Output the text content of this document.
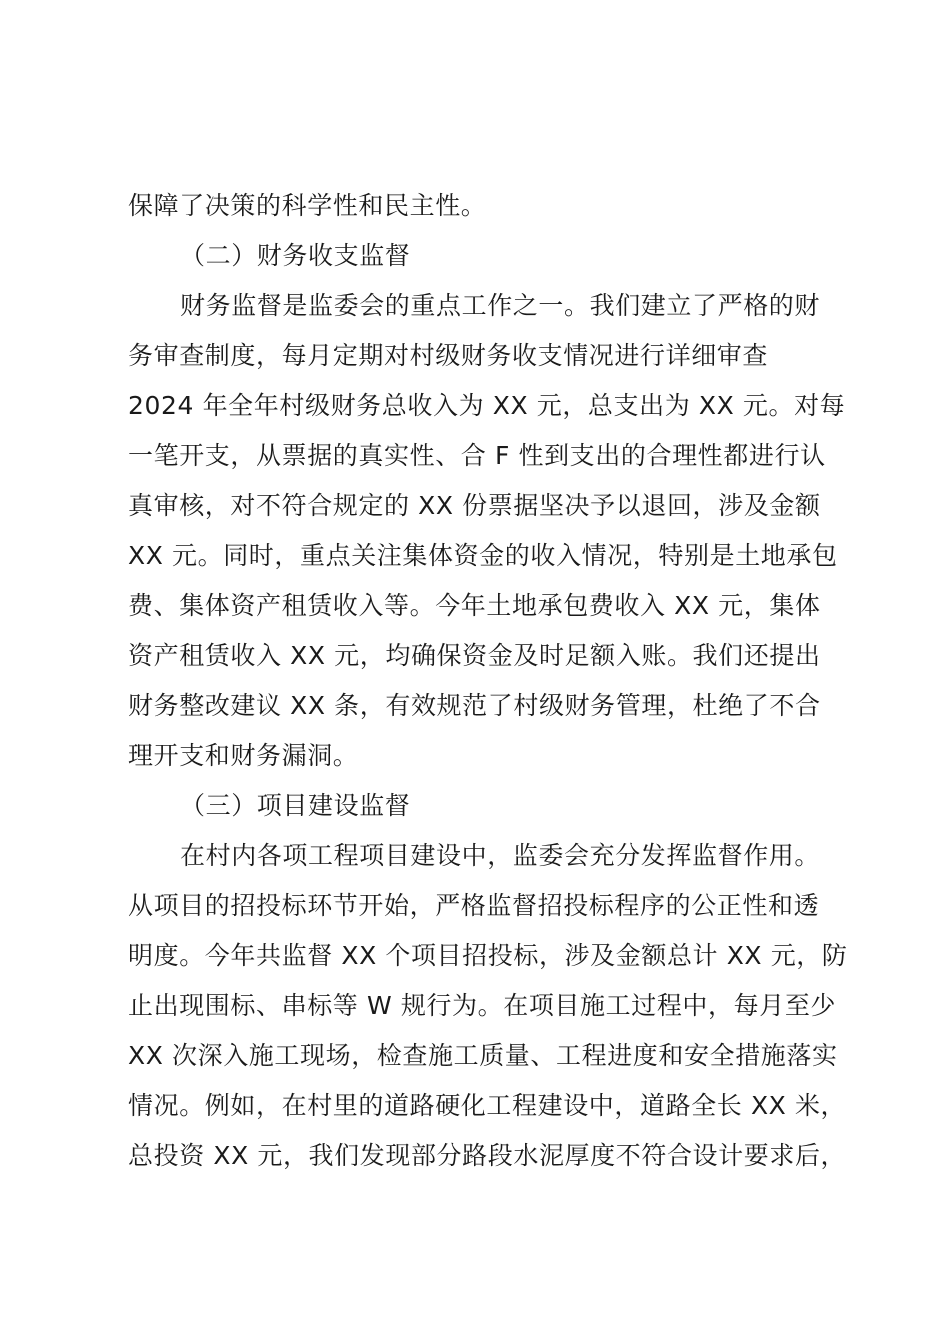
保障了决策的科学性和民主性。
（二）财务收支监督
财务监督是监委会的重点工作之一。我们建立了严格的财
务审查制度，每月定期对村级财务收支情况进行详细审查
2024 年全年村级财务总收入为 XX 元，总支出为 XX 元。对每
一笔开支，从票据的真实性、合 F 性到支出的合理性都进行认
真审核，对不符合规定的 XX 份票据坚决予以退回，涉及金额
XX 元。同时，重点关注集体资金的收入情况，特别是土地承包
费、集体资产租赁收入等。今年土地承包费收入 XX 元，集体
资产租赁收入 XX 元，均确保资金及时足额入账。我们还提出
财务整改建议 XX 条，有效规范了村级财务管理，杜绝了不合
理开支和财务漏洞。
（三）项目建设监督
在村内各项工程项目建设中，监委会充分发挥监督作用。
从项目的招投标环节开始，严格监督招投标程序的公正性和透
明度。今年共监督 XX 个项目招投标，涉及金额总计 XX 元，防
止出现围标、串标等 W 规行为。在项目施工过程中，每月至少
XX 次深入施工现场，检查施工质量、工程进度和安全措施落实
情况。例如，在村里的道路硬化工程建设中，道路全长 XX 米，
总投资 XX 元，我们发现部分路段水泥厚度不符合设计要求后，
